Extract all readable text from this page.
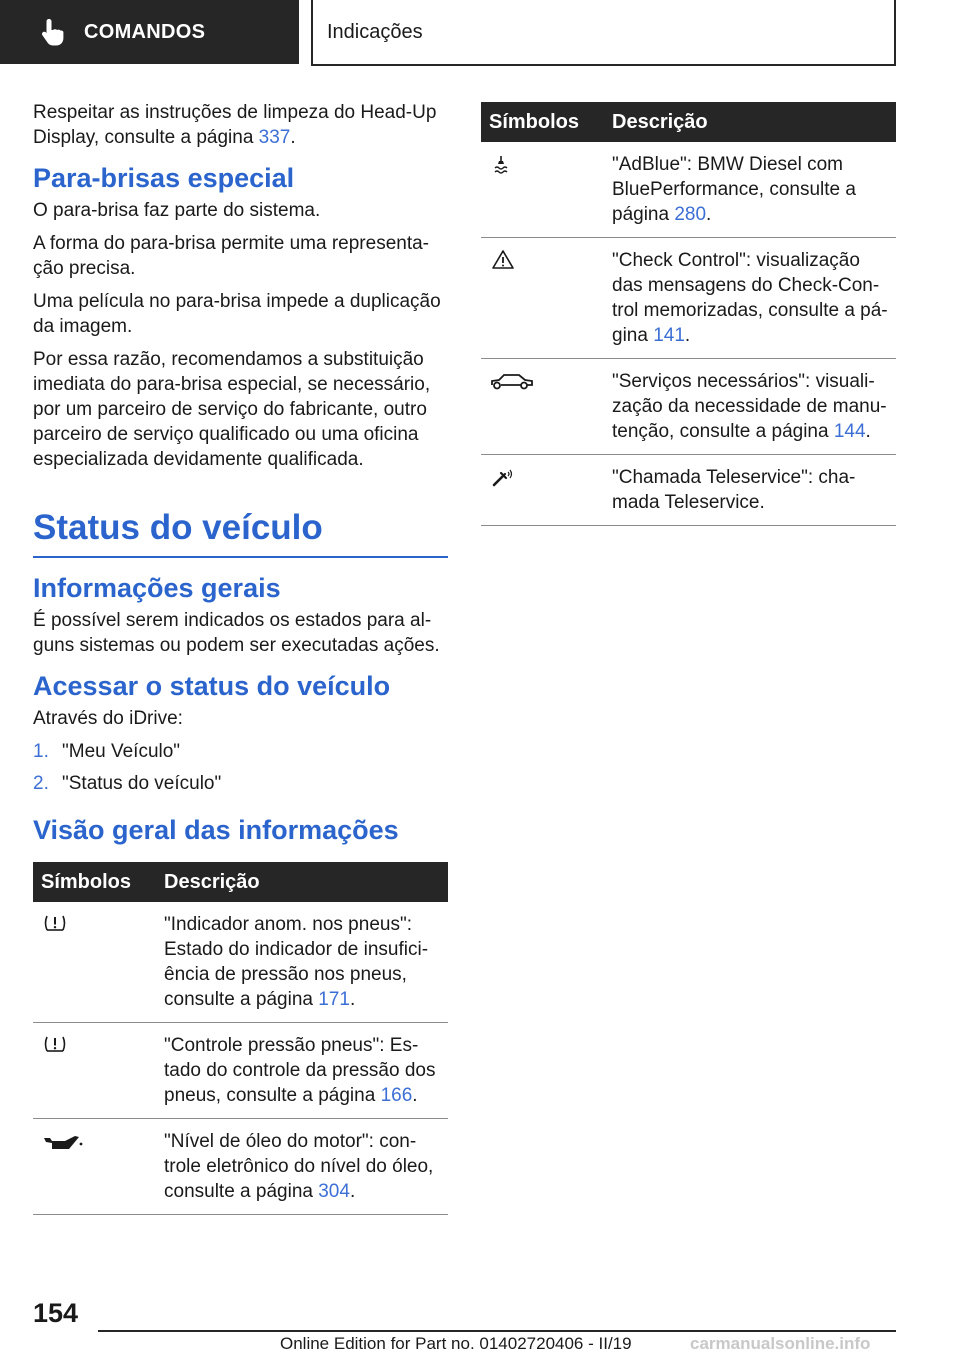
COMANDOS	Indicações

Respeitar as instruções de limpeza do Head-Up Display, consulte a página 337.

Para-brisas especial

O para-brisa faz parte do sistema.

A forma do para-brisa permite uma representa-ção precisa.

Uma película no para-brisa impede a duplicação da imagem.

Por essa razão, recomendamos a substituição imediata do para-brisa especial, se necessário, por um parceiro de serviço do fabricante, outro parceiro de serviço qualificado ou uma oficina especializada devidamente qualificada.

Status do veículo
Informações gerais

É possível serem indicados os estados para al-guns sistemas ou podem ser executadas ações.

Acessar o status do veículo

Através do iDrive:

1. "Meu Veículo"
2. "Status do veículo"
Visão geral das informações
Símbolos	Descrição
	"Indicador anom. nos pneus": Estado do indicador de insufici-ência de pressão nos pneus, consulte a página 171.
	"Controle pressão pneus": Es-tado do controle da pressão dos pneus, consulte a página 166.
	"Nível de óleo do motor": con-trole eletrônico do nível do óleo, consulte a página 304.
Símbolos	Descrição
	"AdBlue": BMW Diesel com BluePerformance, consulte a página 280.
	"Check Control": visualização das mensagens do Check-Con-trol memorizadas, consulte a pá-gina 141.
	"Serviços necessários": visuali-zação da necessidade de manu-tenção, consulte a página 144.
	"Chamada Teleservice": cha-mada Teleservice.
154
Online Edition for Part no. 01402720406 - II/19	carmanualsonline.info
